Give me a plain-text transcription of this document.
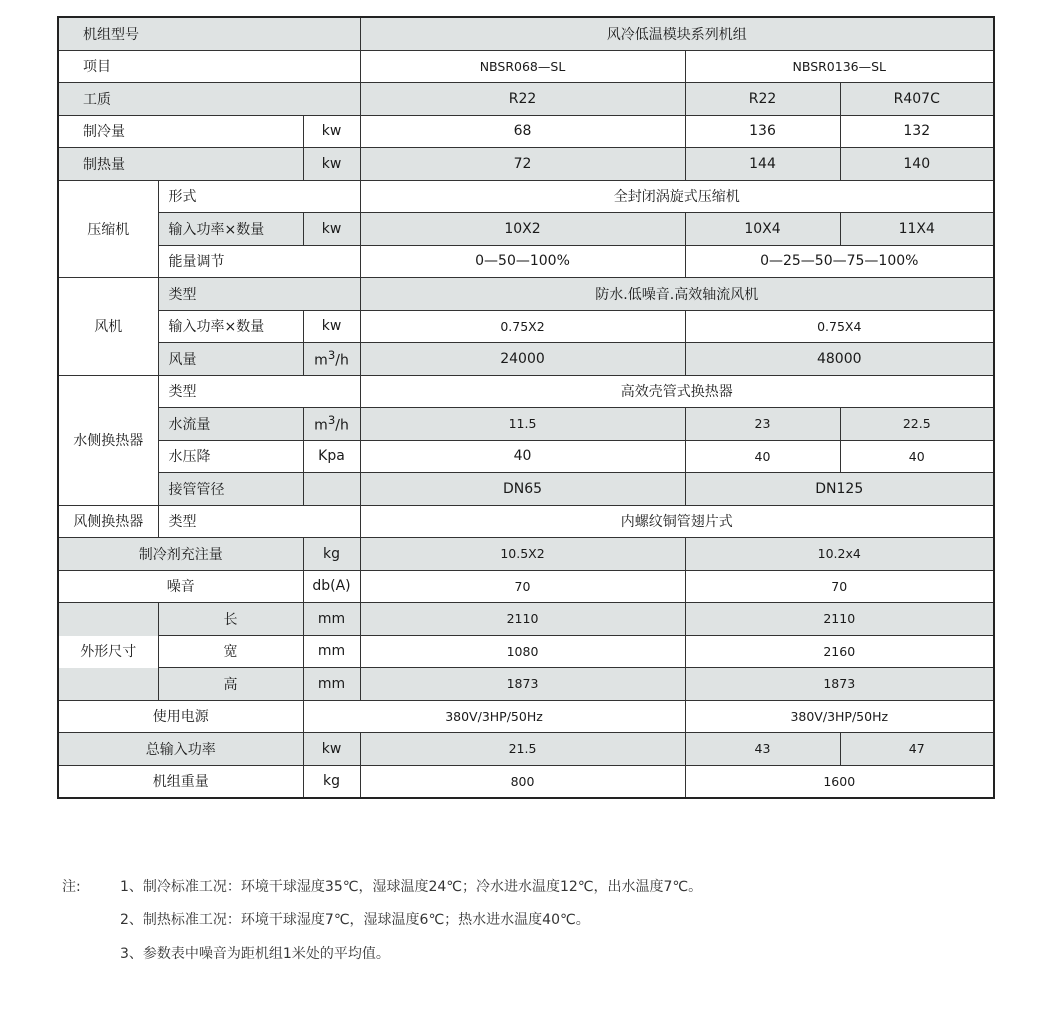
机组型号			风冷低温模块系列机组		
项目			NBSR068—SL	NBSR0136—SL	
工质			R22	R22	R407C
制冷量		kw	68	136	132
制热量		kw	72	144	140
压缩机	形式		全封闭涡旋式压缩机		
	输入功率×数量	kw	10X2	10X4	11X4
	能量调节		0—50—100%	0—25—50—75—100%	
风机	类型		防水.低噪音.高效轴流风机		
	输入功率×数量	kw	0.75X2	0.75X4	
	风量	$m^3/h$	24000	48000	
水侧换热器	类型		高效壳管式换热器		
	水流量	$m^3/h$	11.5	23	22.5
	水压降	Kpa	40	40	40
	接管管径		DN65	DN125	
风侧换热器	类型		内螺纹铜管翅片式		
制冷剂充注量		kg	10.5X2	10.2x4	
噪音		db(A)	70	70	
外形尺寸	长	mm	2110	2110	
	宽	mm	1080	2160	
	高	mm	1873	1873	
使用电源		380V/3HP/50Hz		380V/3HP/50Hz	
总输入功率		kw	21.5	43	47
机组重量		kg	800	1600	
注:	1、制冷标准工况：环境干球湿度35℃，湿球温度24℃；冷水进水温度12℃，出水温度7℃。
2、制热标准工况：环境干球湿度7℃，湿球温度6℃；热水进水温度40℃。
3、参数表中噪音为距机组1米处的平均值。
